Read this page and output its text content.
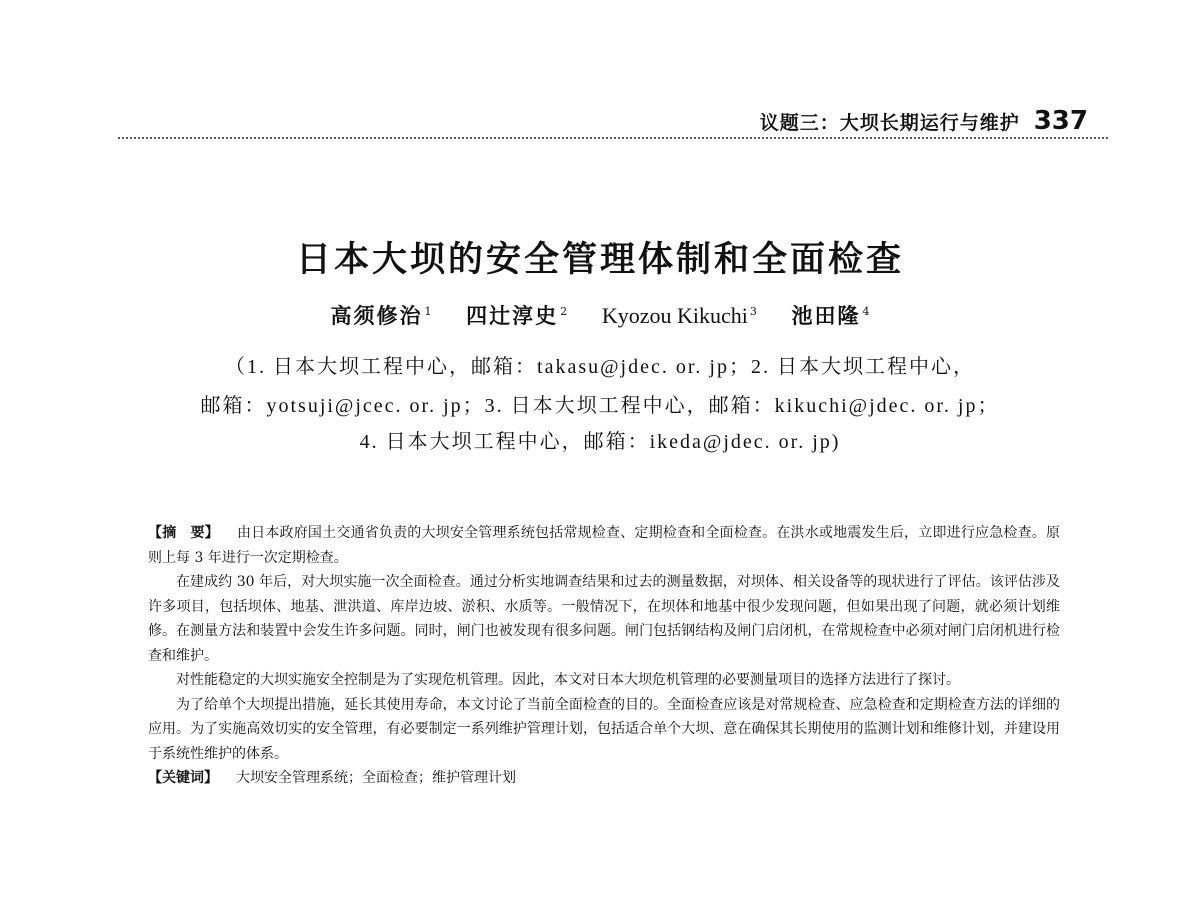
议题三：大坝长期运行与维护 337
日本大坝的安全管理体制和全面检查
高须修治 $^1$ 四辻淳史 $^2$ Kyozou Kikuchi $^3$ 池田隆 $^4$
（1. 日本大坝工程中心，邮箱：takasu@jdec. or. jp；2. 日本大坝工程中心，
邮箱：yotsuji@jcec. or. jp；3. 日本大坝工程中心，邮箱：kikuchi@jdec. or. jp；
4. 日本大坝工程中心，邮箱：ikeda@jdec. or. jp)

【摘　要】 由日本政府国土交通省负责的大坝安全管理系统包括常规检查、定期检查和全面检查。在洪水或地震发生后，立即进行应急检查。原则上每 3 年进行一次定期检查。

在建成约 30 年后，对大坝实施一次全面检查。通过分析实地调查结果和过去的测量数据，对坝体、相关设备等的现状进行了评估。该评估涉及许多项目，包括坝体、地基、泄洪道、库岸边坡、淤积、水质等。一般情况下，在坝体和地基中很少发现问题，但如果出现了问题，就必须计划维修。在测量方法和装置中会发生许多问题。同时，闸门也被发现有很多问题。闸门包括钢结构及闸门启闭机，在常规检查中必须对闸门启闭机进行检查和维护。

对性能稳定的大坝实施安全控制是为了实现危机管理。因此，本文对日本大坝危机管理的必要测量项目的选择方法进行了探讨。

为了给单个大坝提出措施，延长其使用寿命，本文讨论了当前全面检查的目的。全面检查应该是对常规检查、应急检查和定期检查方法的详细的应用。为了实施高效切实的安全管理，有必要制定一系列维护管理计划，包括适合单个大坝、意在确保其长期使用的监测计划和维修计划，并建设用于系统性维护的体系。

【关键词】 大坝安全管理系统；全面检查；维护管理计划
